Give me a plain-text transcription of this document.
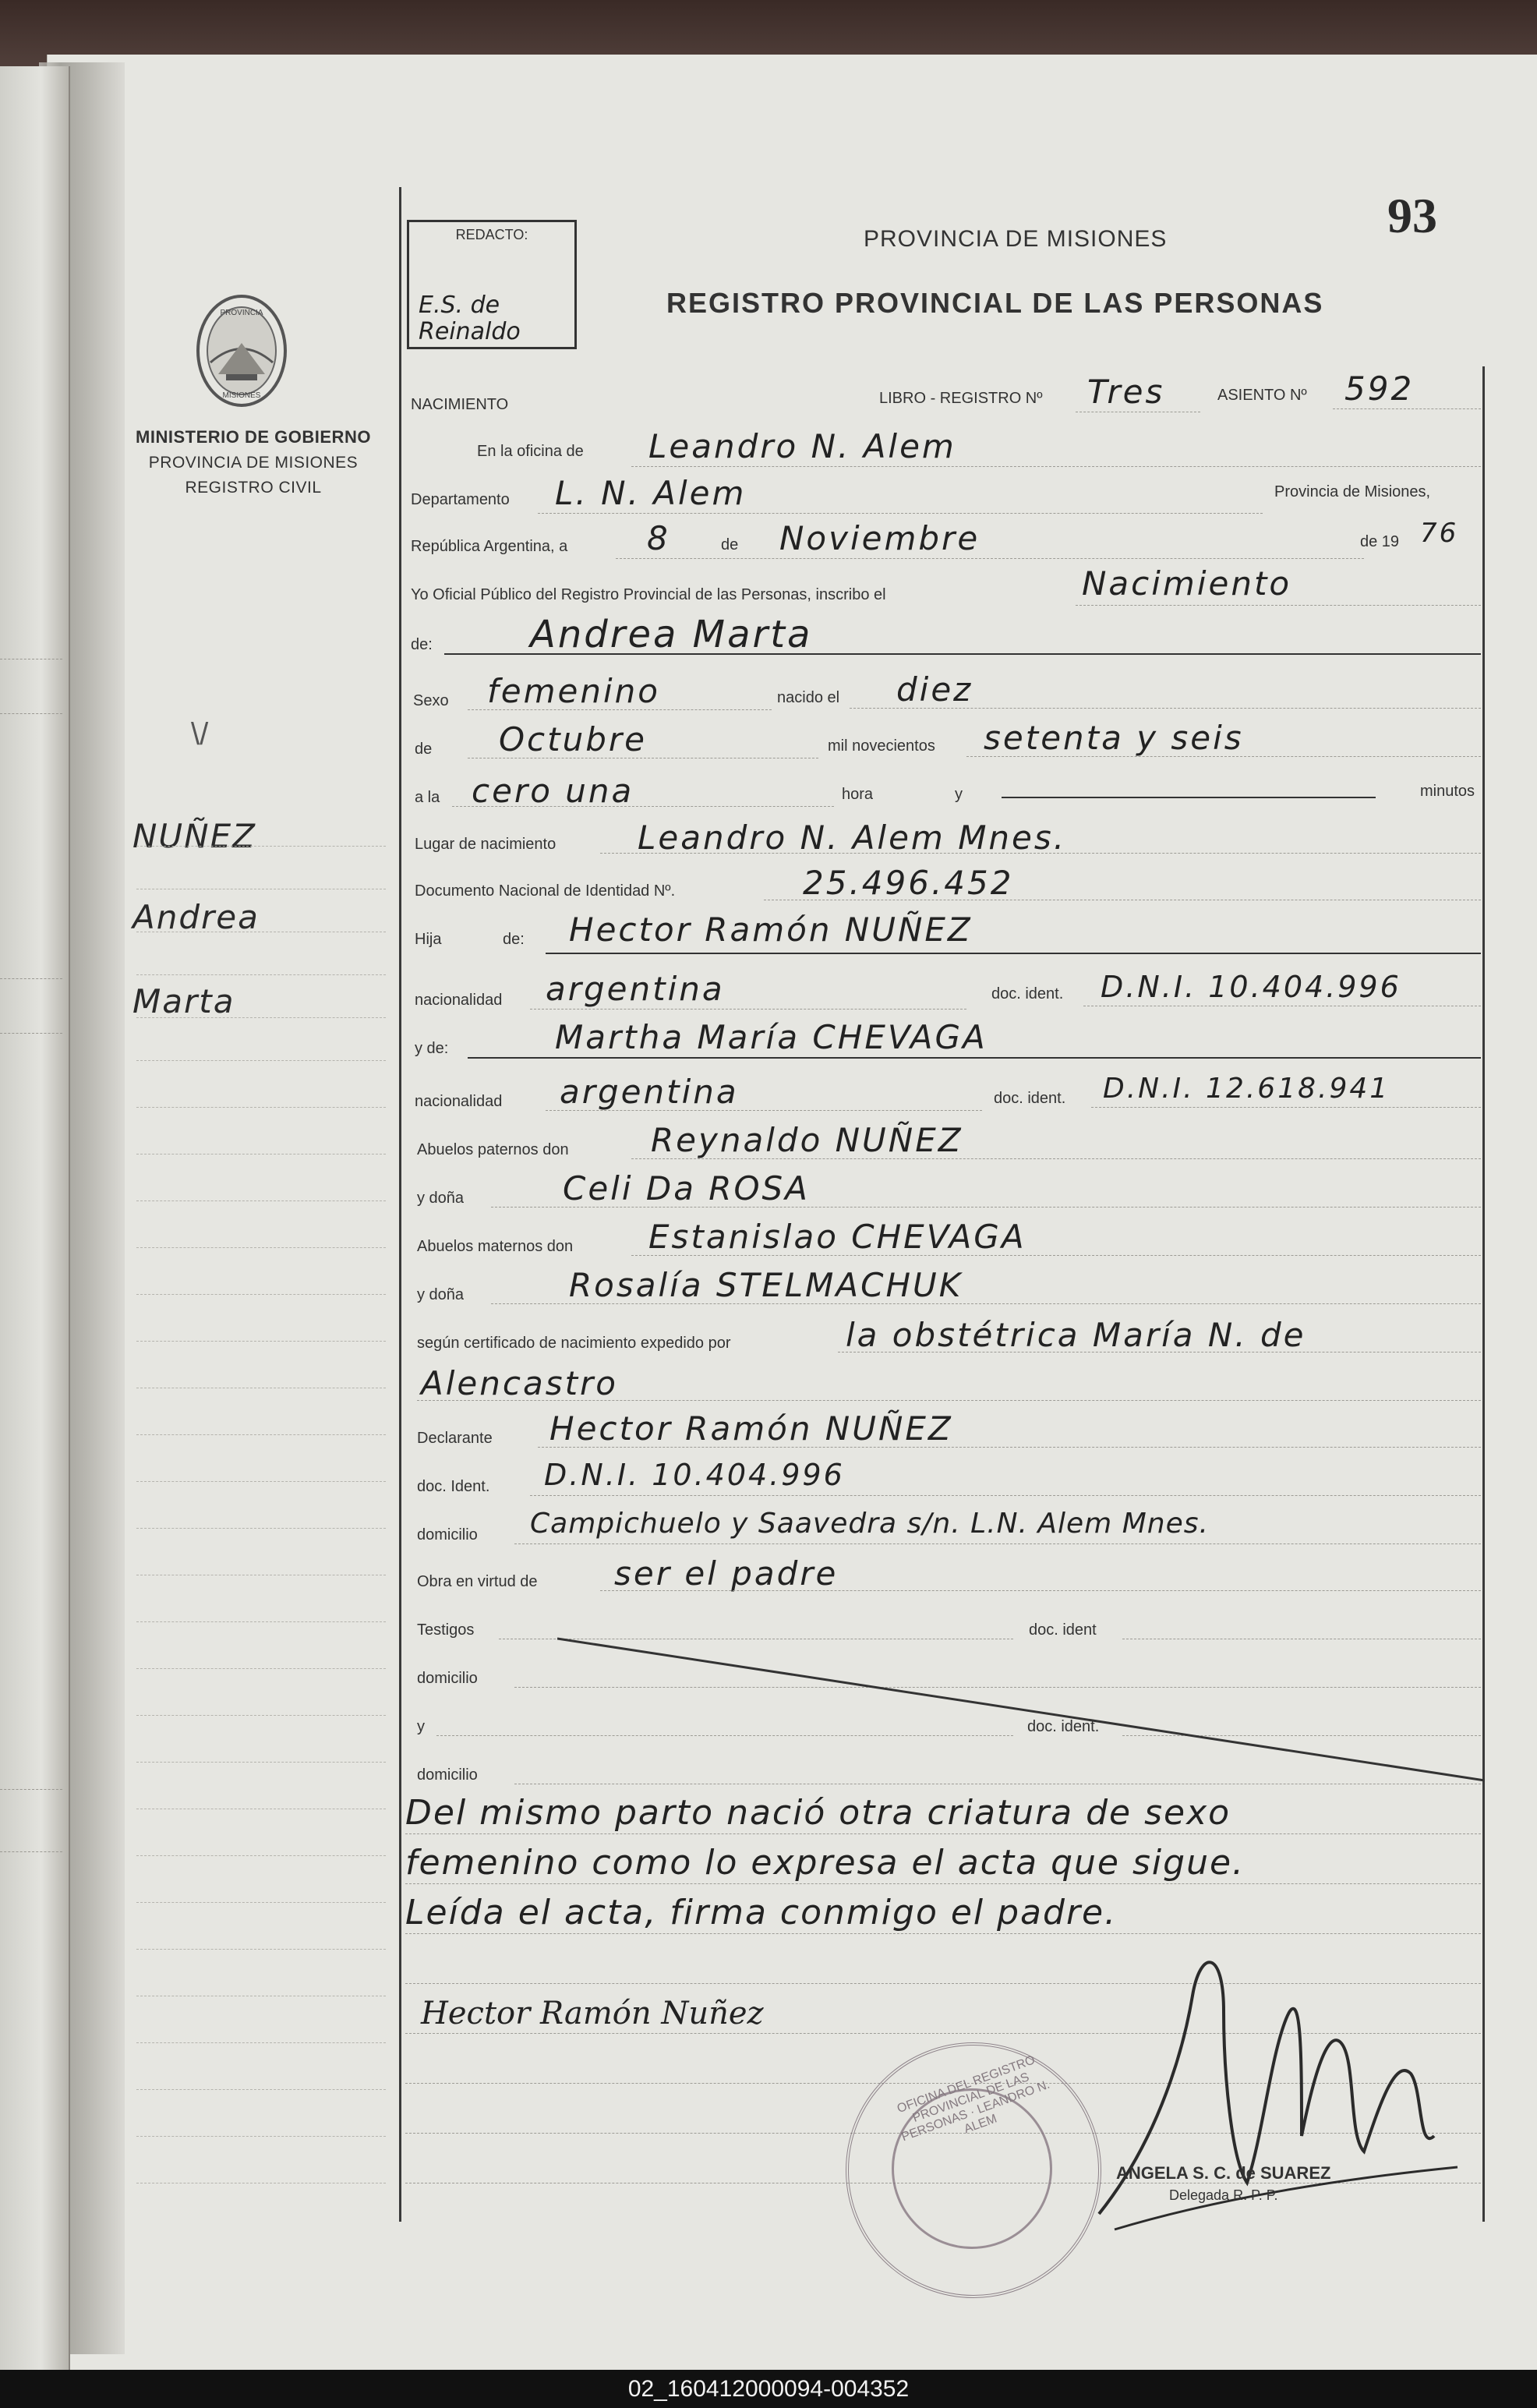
PROVINCIA
MISIONES
MINISTERIO DE GOBIERNO
PROVINCIA DE MISIONES
REGISTRO CIVIL
\/
NUÑEZ
Andrea
Marta
93
REDACTO:
E.S. de Reinaldo
PROVINCIA DE MISIONES
REGISTRO PROVINCIAL DE LAS PERSONAS
NACIMIENTO	LIBRO - REGISTRO Nº Tres	ASIENTO Nº 592
En la oficina de Leandro N. Alem
Departamento L. N. Alem	Provincia de Misiones,
República Argentina, a 8	de Noviembre	de 19 76
Yo Oficial Público del Registro Provincial de las Personas, inscribo el	Nacimiento
de:	Andrea Marta
Sexo femenino	nacido el diez
de Octubre	mil novecientos setenta y seis
a la cero una	hora	y	minutos
Lugar de nacimiento Leandro N. Alem Mnes.
Documento Nacional de Identidad Nº.	25.496.452
Hija	de: Hector Ramón NUÑEZ
nacionalidad argentina	doc. ident. D.N.I. 10.404.996
y de:	Martha María CHEVAGA
nacionalidad argentina	doc. ident. D.N.I. 12.618.941
Abuelos paternos don	Reynaldo NUÑEZ
y doña	Celi Da ROSA
Abuelos maternos don Estanislao CHEVAGA
y doña	Rosalía STELMACHUK
según certificado de nacimiento expedido por	la obstétrica María N. de
Alencastro
Declarante Hector Ramón NUÑEZ
doc. Ident. D.N.I. 10.404.996
domicilio Campichuelo y Saavedra s/n. L.N. Alem Mnes.
Obra en virtud de ser el padre
Testigos	doc. ident
domicilio
y	doc. ident.
domicilio
Del mismo parto nació otra criatura de sexo
femenino como lo expresa el acta que sigue.
Leída el acta, firma conmigo el padre.
Hector Ramón Nuñez
OFICINA DEL REGISTRO PROVINCIAL DE LAS PERSONAS · LEANDRO N. ALEM
ANGELA S. C. de SUAREZ
Delegada R. P. P.
02_160412000094-004352
